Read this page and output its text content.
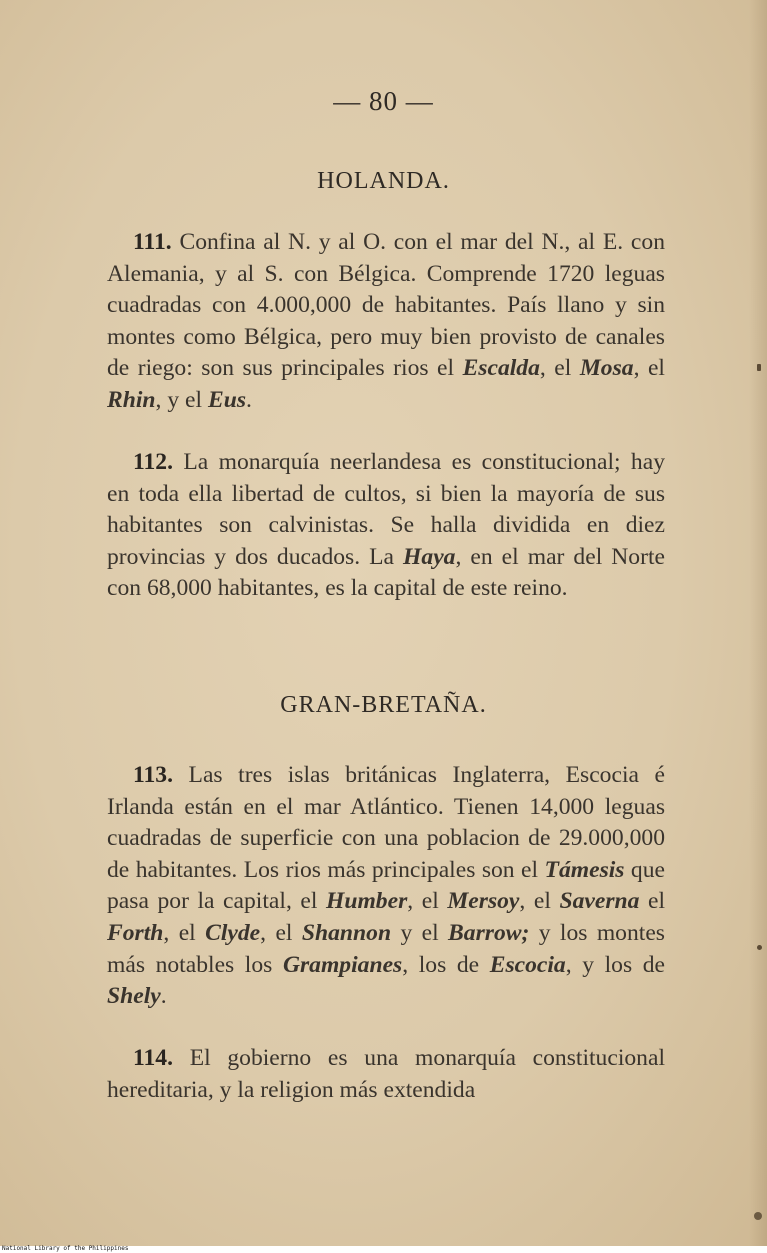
— 80 —
HOLANDA.

111. Confina al N. y al O. con el mar del N., al E. con Alemania, y al S. con Bélgica. Comprende 1720 leguas cuadradas con 4.000,000 de habitantes. País llano y sin montes como Bélgica, pero muy bien provisto de canales de riego: son sus principales rios el Escalda, el Mosa, el Rhin, y el Eus.

112. La monarquía neerlandesa es constitucional; hay en toda ella libertad de cultos, si bien la mayoría de sus habitantes son calvinistas. Se halla dividida en diez provincias y dos ducados. La Haya, en el mar del Norte con 68,000 habitantes, es la capital de este reino.

GRAN-BRETAÑA.

113. Las tres islas británicas Inglaterra, Escocia é Irlanda están en el mar Atlántico. Tienen 14,000 leguas cuadradas de superficie con una poblacion de 29.000,000 de habitantes. Los rios más principales son el Támesis que pasa por la capital, el Humber, el Mersoy, el Saverna el Forth, el Clyde, el Shannon y el Barrow; y los montes más notables los Grampianes, los de Escocia, y los de Shely.

114. El gobierno es una monarquía constitucional hereditaria, y la religion más extendida

National Library of the Philippines
